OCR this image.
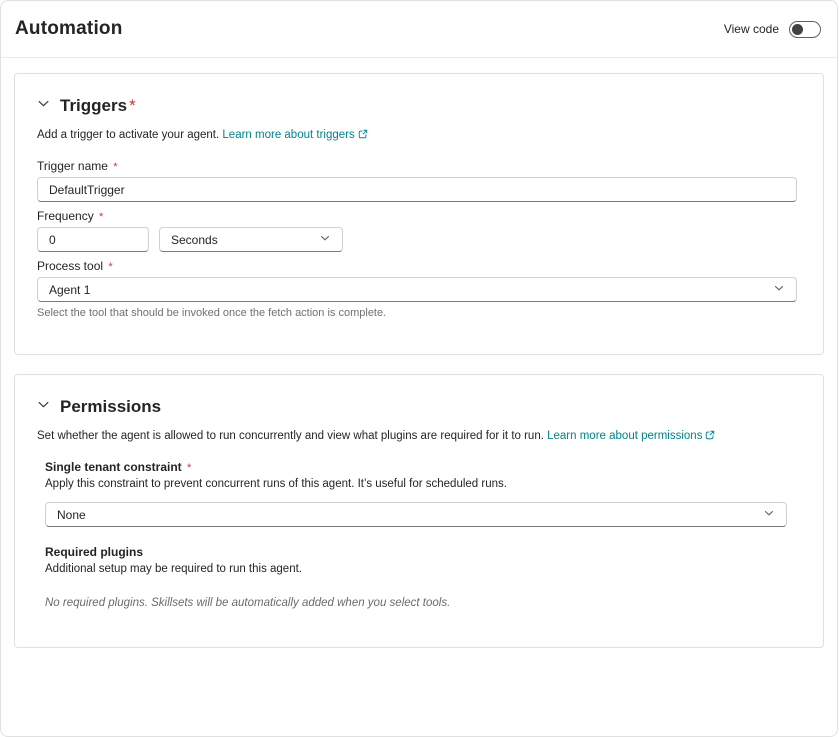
Automation	View code
Triggers *
Add a trigger to activate your agent. Learn more about triggers
Trigger name *
DefaultTrigger
Frequency *
0
Seconds
Process tool *
Agent 1
Select the tool that should be invoked once the fetch action is complete.
Permissions
Set whether the agent is allowed to run concurrently and view what plugins are required for it to run. Learn more about permissions
Single tenant constraint *
Apply this constraint to prevent concurrent runs of this agent. It’s useful for scheduled runs.
None
Required plugins
Additional setup may be required to run this agent.
No required plugins. Skillsets will be automatically added when you select tools.
